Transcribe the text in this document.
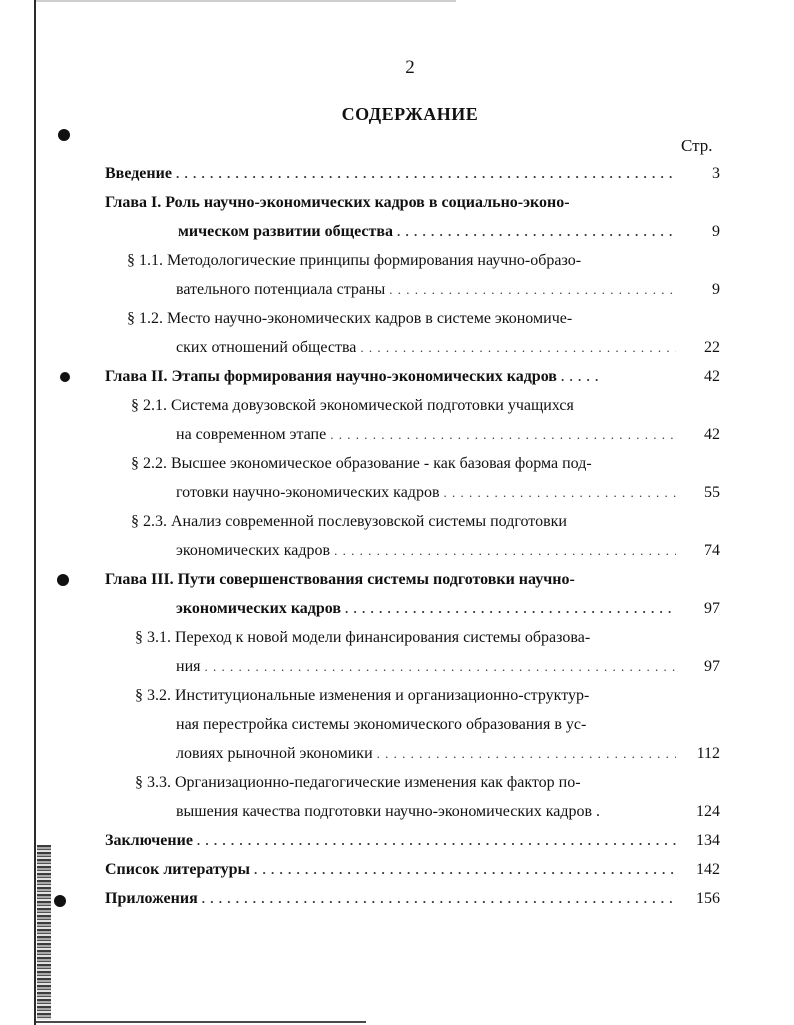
2
СОДЕРЖАНИЕ
Стр.
Введение . . .	3
Глава I. Роль научно-экономических кадров в социально-эконо-
мическом развитии общества . . .	9
§ 1.1. Методологические принципы формирования научно-образо-
вательного потенциала страны . . .	9
§ 1.2. Место научно-экономических кадров в системе экономиче-
ских отношений общества . . .	22
Глава II. Этапы формирования научно-экономических кадров . . .	42
§ 2.1. Система довузовской экономической подготовки учащихся
на современном этапе . . .	42
§ 2.2. Высшее экономическое образование - как базовая форма под-
готовки научно-экономических кадров . . .	55
§ 2.3. Анализ современной послевузовской системы подготовки
экономических кадров . . .	74
Глава III. Пути совершенствования системы подготовки научно-
экономических кадров . . .	97
§ 3.1. Переход к новой модели финансирования системы образова-
ния . . .	97
§ 3.2. Институциональные изменения и организационно-структур-
ная перестройка системы экономического образования в ус-
ловиях рыночной экономики . . .	112
§ 3.3. Организационно-педагогические изменения как фактор по-
вышения качества подготовки научно-экономических кадров .	124
Заключение . . .	134
Список литературы . . .	142
Приложения . . .	156
